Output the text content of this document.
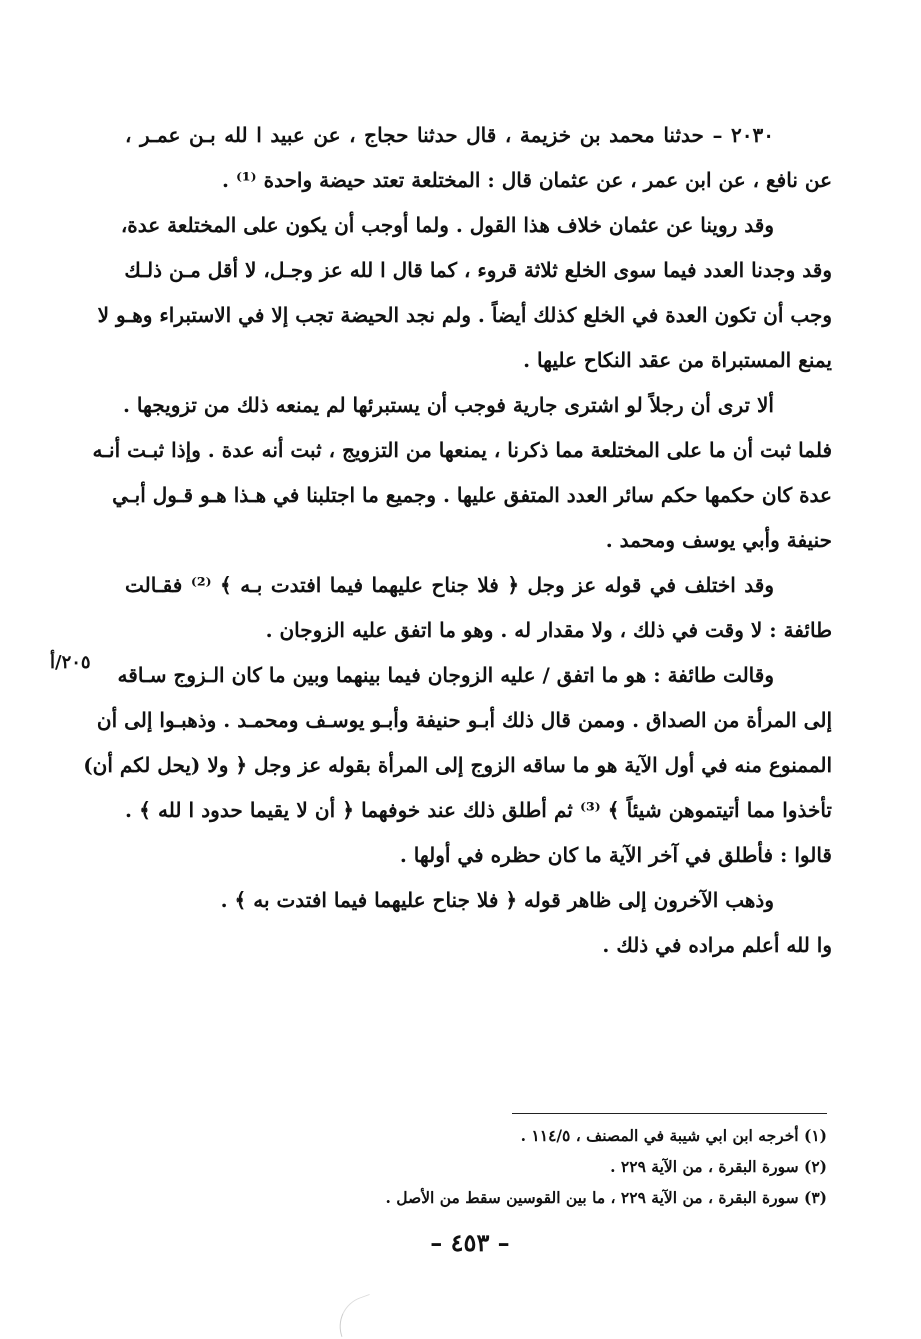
٢٠٣٠ – حدثنا محمد بن خزيمة ، قال حدثنا حجاج ، عن عبيد ا لله بـن عمـر ،
عن نافع ، عن ابن عمر ، عن عثمان قال : المختلعة تعتد حيضة واحدة ⁽¹⁾ .
وقد روينا عن عثمان خلاف هذا القول . ولما أوجب أن يكون على المختلعة عدة،
وقد وجدنا العدد فيما سوى الخلع ثلاثة قروء ، كما قال ا لله عز وجـل، لا أقل مـن ذلـك
وجب أن تكون العدة في الخلع كذلك أيضاً . ولم نجد الحيضة تجب إلا في الاستبراء وهـو لا
يمنع المستبراة من عقد النكاح عليها .
ألا ترى أن رجلاً لو اشترى جارية فوجب أن يستبرئها لم يمنعه ذلك من تزويجها .
فلما ثبت أن ما على المختلعة مما ذكرنا ، يمنعها من التزويج ، ثبت أنه عدة . وإذا ثبـت أنـه
عدة كان حكمها حكم سائر العدد المتفق عليها . وجميع ما اجتلبنا في هـذا هـو قـول أبـي
حنيفة وأبي يوسف ومحمد .
وقد اختلف في قوله عز وجل ﴿ فلا جناح عليهما فيما افتدت بـه ﴾ ⁽²⁾ فقـالت
طائفة : لا وقت في ذلك ، ولا مقدار له . وهو ما اتفق عليه الزوجان .
وقالت طائفة : هو ما اتفق / عليه الزوجان فيما بينهما وبين ما كان الـزوج سـاقه
إلى المرأة من الصداق . وممن قال ذلك أبـو حنيفة وأبـو يوسـف ومحمـد . وذهبـوا إلى أن
الممنوع منه في أول الآية هو ما ساقه الزوج إلى المرأة بقوله عز وجل ﴿ ولا (يحل لكم أن)
تأخذوا مما أتيتموهن شيئاً ﴾ ⁽³⁾ ثم أطلق ذلك عند خوفهما ﴿ أن لا يقيما حدود ا لله ﴾ .
قالوا : فأطلق في آخر الآية ما كان حظره في أولها .
وذهب الآخرون إلى ظاهر قوله ﴿ فلا جناح عليهما فيما افتدت به ﴾ .
وا لله أعلم مراده في ذلك .
٢٠٥/أ
(١) أخرجه ابن ابي شيبة في المصنف ، ١١٤/٥ .
(٢) سورة البقرة ، من الآية ٢٢٩ .
(٣) سورة البقرة ، من الآية ٢٢٩ ، ما بين القوسين سقط من الأصل .
– ٤٥٣ –
